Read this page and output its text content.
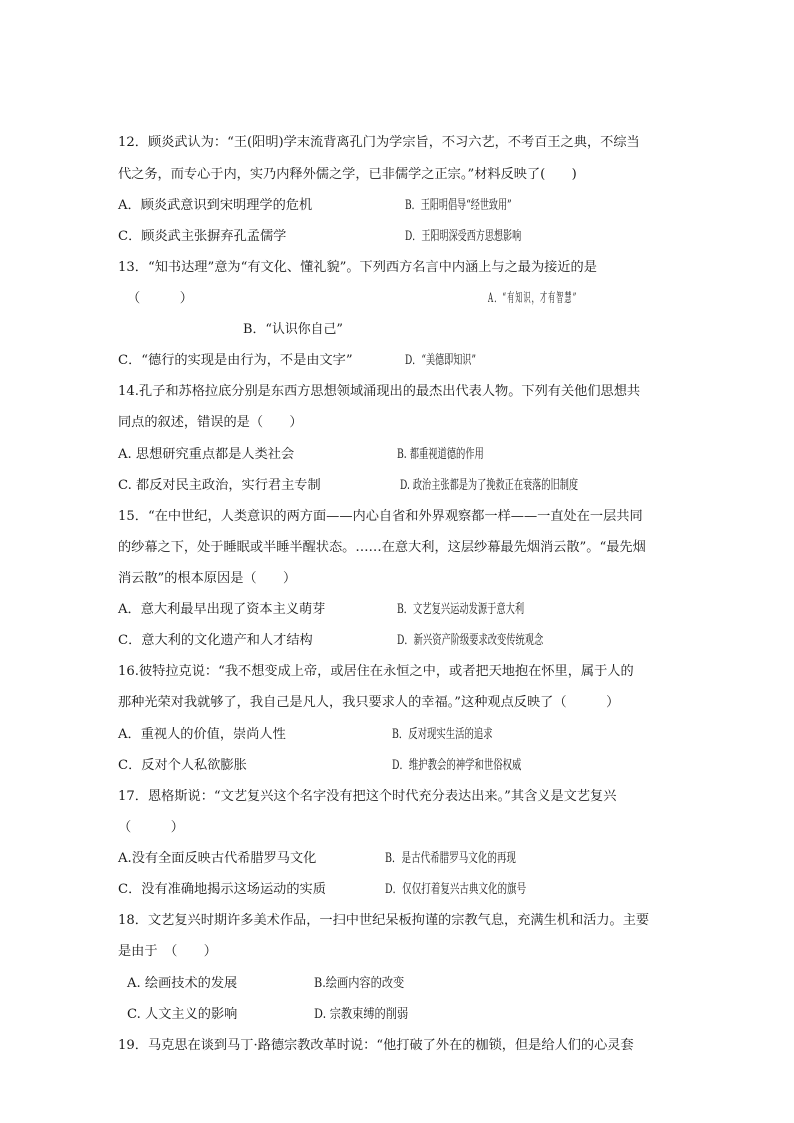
12．顾炎武认为：“王(阳明)学末流背离孔门为学宗旨，不习六艺，不考百王之典，不综当
代之务，而专心于内，实乃内释外儒之学，已非儒学之正宗。”材料反映了(　　)
A．顾炎武意识到宋明理学的危机	B．王阳明倡导“经世致用”
C．顾炎武主张摒弃孔孟儒学	D．王阳明深受西方思想影响
13．“知书达理”意为“有文化、懂礼貌”。下列西方名言中内涵上与之最为接近的是
（　　　）	A．“有知识，才有智慧”
B．“认识你自己”
C．“德行的实现是由行为，不是由文字”	D．“美德即知识”
14.孔子和苏格拉底分别是东西方思想领域涌现出的最杰出代表人物。下列有关他们思想共
同点的叙述，错误的是（　　）
A. 思想研究重点都是人类社会	B. 都重视道德的作用
C. 都反对民主政治，实行君主专制	D. 政治主张都是为了挽救正在衰落的旧制度
15．“在中世纪，人类意识的两方面——内心自省和外界观察都一样——一直处在一层共同
的纱幕之下，处于睡眠或半睡半醒状态。……在意大利，这层纱幕最先烟消云散”。“最先烟
消云散”的根本原因是（　　）
A．意大利最早出现了资本主义萌芽	B．文艺复兴运动发源于意大利
C．意大利的文化遗产和人才结构	D．新兴资产阶级要求改变传统观念
16.彼特拉克说：“我不想变成上帝，或居住在永恒之中，或者把天地抱在怀里，属于人的
那种光荣对我就够了，我自己是凡人，我只要求人的幸福。”这种观点反映了（　　　）
A．重视人的价值，崇尚人性	B．反对现实生活的追求
C．反对个人私欲膨胀	D．维护教会的神学和世俗权威
17．恩格斯说：“文艺复兴这个名字没有把这个时代充分表达出来。”其含义是文艺复兴
（　　　）
A.没有全面反映古代希腊罗马文化	B．是古代希腊罗马文化的再现
C．没有准确地揭示这场运动的实质	D．仅仅打着复兴古典文化的旗号
18．文艺复兴时期许多美术作品，一扫中世纪呆板拘谨的宗教气息，充满生机和活力。主要
是由于　（　　）
A. 绘画技术的发展	B.绘画内容的改变
C. 人文主义的影响	D. 宗教束缚的削弱
19．马克思在谈到马丁·路德宗教改革时说：“他打破了外在的枷锁，但是给人们的心灵套
